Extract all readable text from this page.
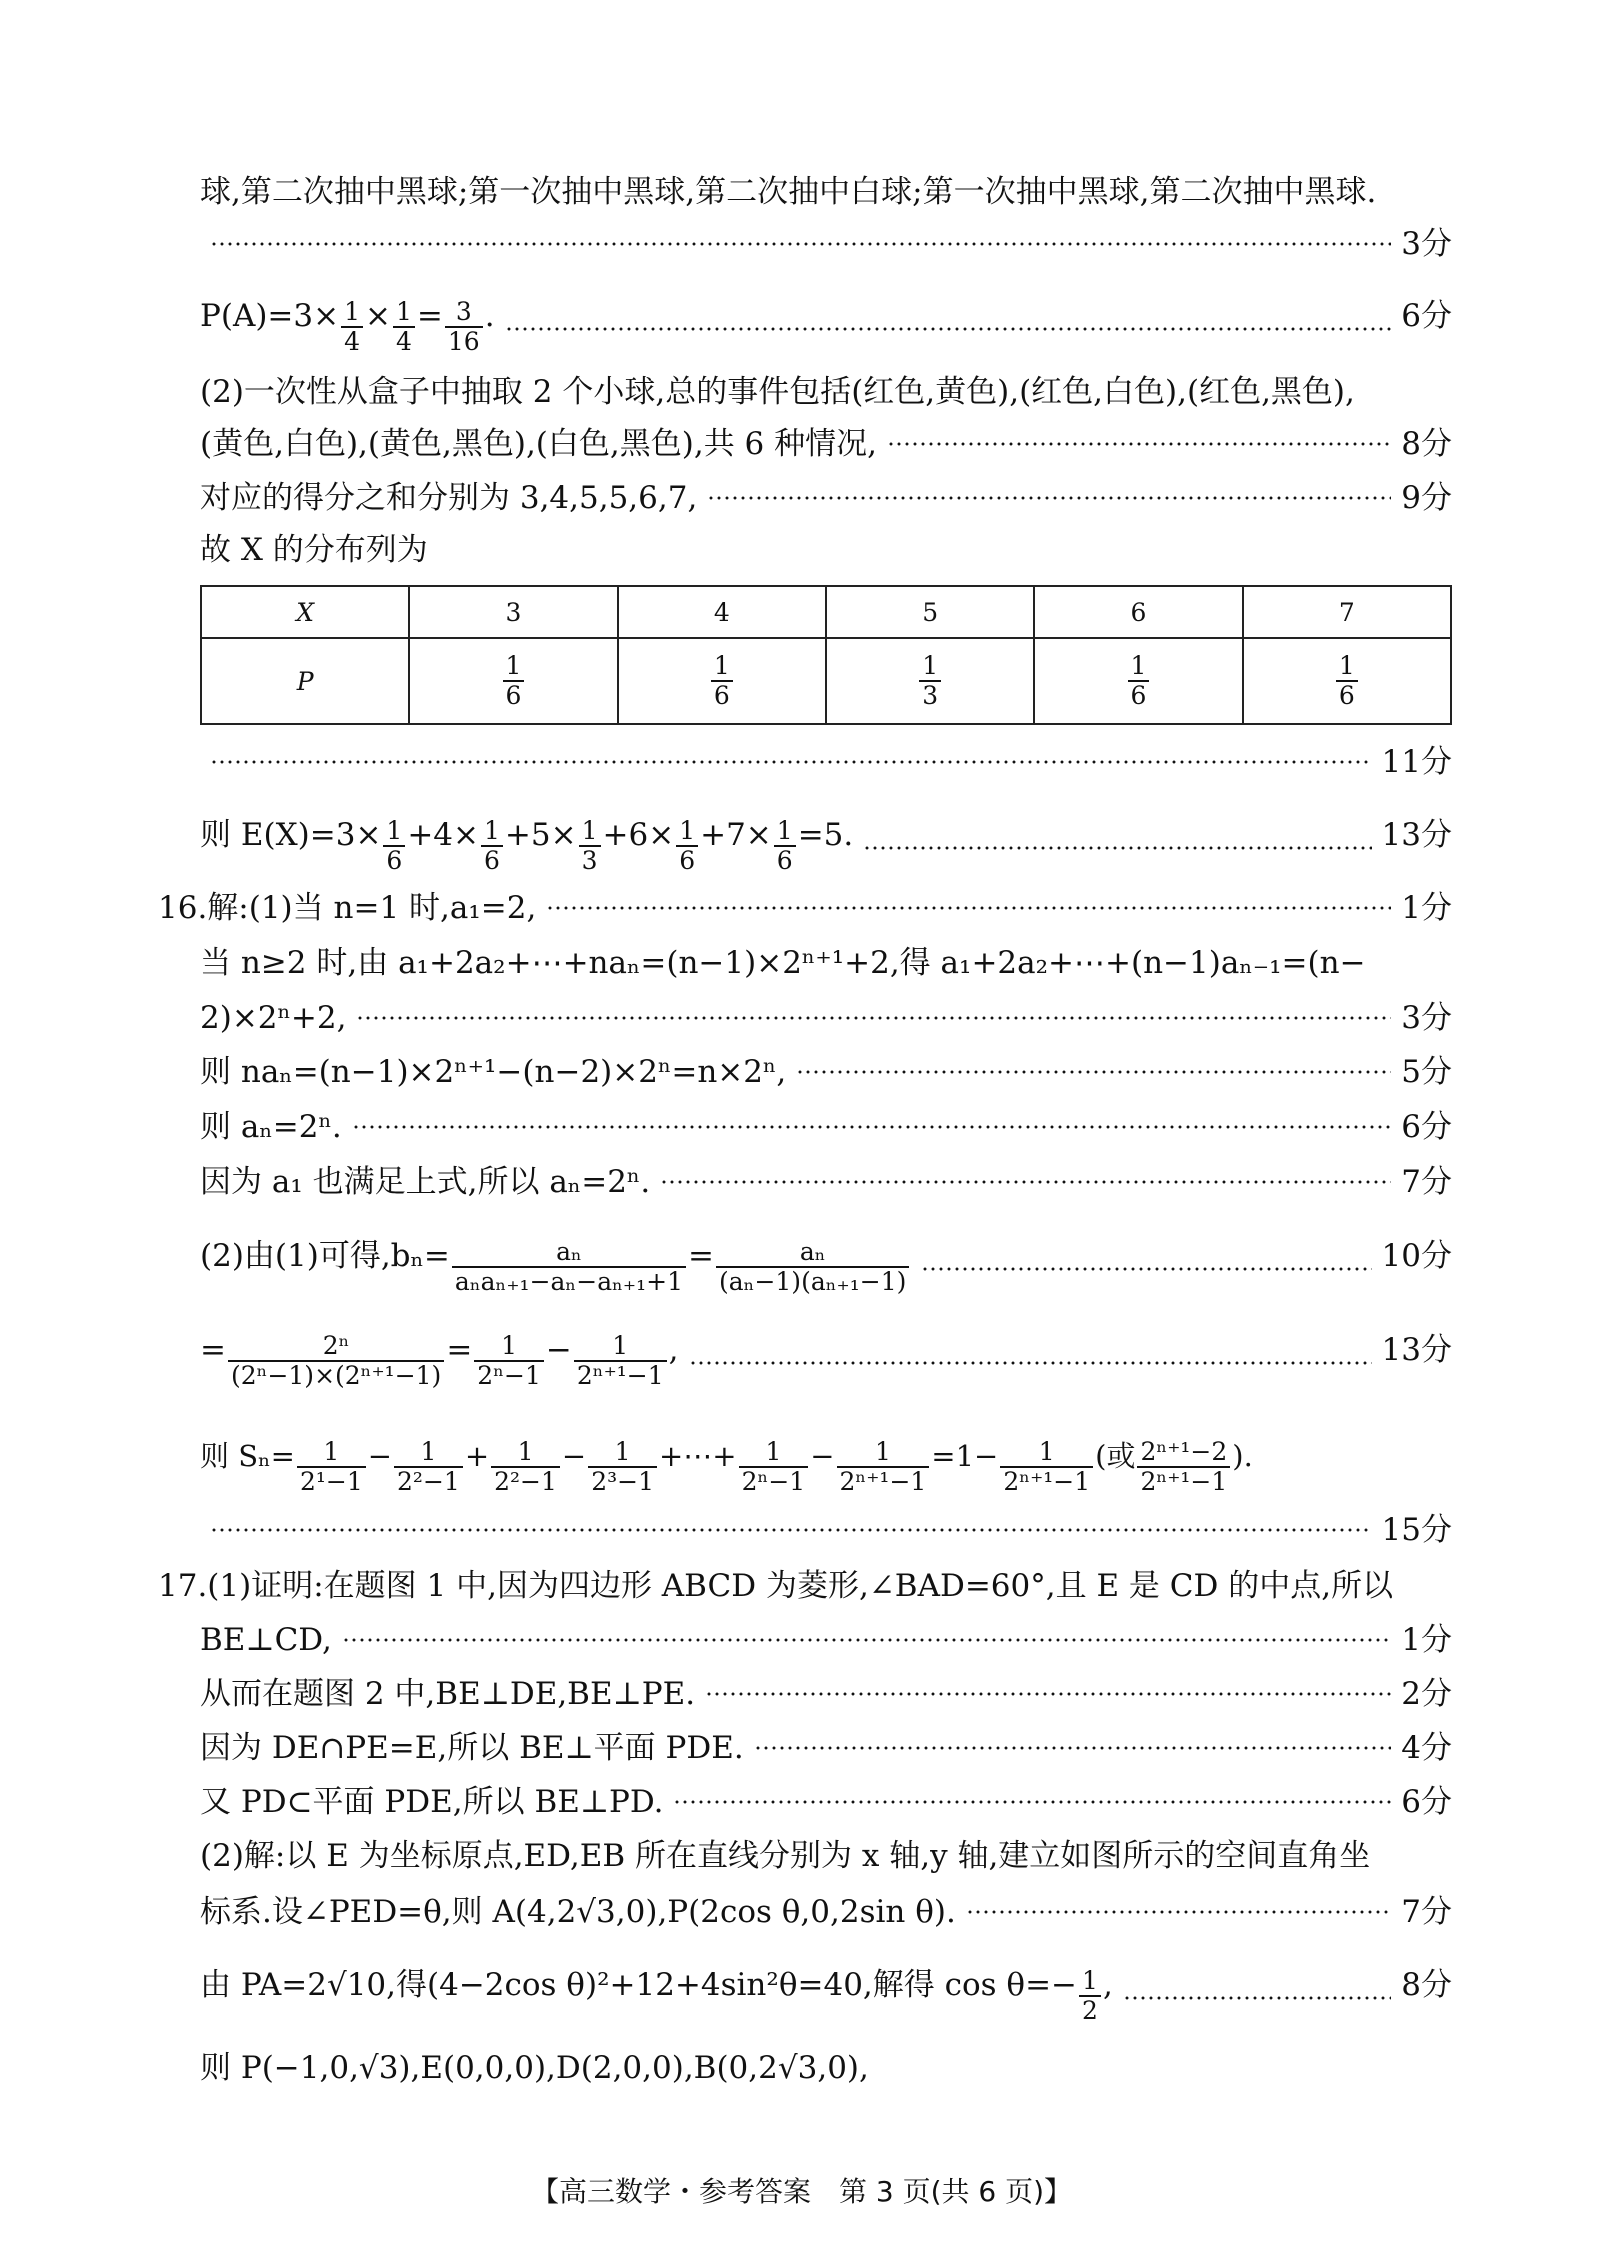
球,第二次抽中黑球;第一次抽中黑球,第二次抽中白球;第一次抽中黑球,第二次抽中黑球.
3分
$P(A)=3\times \frac{1}{4} \times \frac{1}{4} = \frac{3}{16}$ .	6分
(2)一次性从盒子中抽取 2 个小球,总的事件包括(红色,黄色),(红色,白色),(红色,黑色),
(黄色,白色),(黄色,黑色),(白色,黑色),共 6 种情况,	8分
对应的得分之和分别为 3,4,5,5,6,7,	9分
故 X 的分布列为
X	3	4	5	6	7
P	$\frac{1}{6}$	$\frac{1}{6}$	$\frac{1}{3}$	$\frac{1}{6}$	$\frac{1}{6}$
11分
则 $E(X)=3\times \frac{1}{6} +4\times \frac{1}{6} +5\times \frac{1}{3} +6\times \frac{1}{6} +7\times \frac{1}{6} =5$.	13分
16.解:(1)当 n=1 时,a₁=2,	1分
当 n≥2 时,由 a₁+2a₂+⋯+naₙ=(n−1)×2ⁿ⁺¹+2,得 a₁+2a₂+⋯+(n−1)aₙ₋₁=(n−
2)×2ⁿ+2,	3分
则 naₙ=(n−1)×2ⁿ⁺¹−(n−2)×2ⁿ=n×2ⁿ,	5分
则 aₙ=2ⁿ.	6分
因为 a₁ 也满足上式,所以 aₙ=2ⁿ.	7分
(2)由(1)可得$,b_n= \frac{\text{aₙ}}{\text{aₙaₙ₊₁−aₙ−aₙ₊₁+1}} = \frac{\text{aₙ}}{\text{(aₙ−1)(aₙ₊₁−1)}}$	10分
= $\frac{\text{2ⁿ}}{\text{(2ⁿ−1)×(2ⁿ⁺¹−1)}} = \frac{1}{\text{2ⁿ−1}} - \frac{1}{\text{2ⁿ⁺¹−1}}$ ,	13分
则 $S_n= \frac{1}{\text{2¹−1}} - \frac{1}{\text{2²−1}} + \frac{1}{\text{2²−1}} - \frac{1}{\text{2³−1}}$ +⋯+ $\frac{1}{\text{2ⁿ−1}} - \frac{1}{\text{2ⁿ⁺¹−1}} =1- \frac{1}{\text{2ⁿ⁺¹−1}}$ (或 $\frac{\text{2ⁿ⁺¹−2}}{\text{2ⁿ⁺¹−1}}$ ).
15分
17.(1)证明:在题图 1 中,因为四边形 ABCD 为菱形,∠BAD=60°,且 E 是 CD 的中点,所以
BE⊥CD,	1分
从而在题图 2 中,BE⊥DE,BE⊥PE.	2分
因为 DE∩PE=E,所以 BE⊥平面 PDE.	4分
又 PD⊂平面 PDE,所以 BE⊥PD.	6分
(2)解:以 E 为坐标原点,ED,EB 所在直线分别为 x 轴,y 轴,建立如图所示的空间直角坐
标系.设∠PED=θ,则 A(4,2√3,0),P(2cos θ,0,2sin θ).	7分
由 PA=2√10,得(4−2cos θ)²+12+4sin²θ=40,解得 $\cos \theta=- \frac{1}{2}$ ,	8分
则 P(−1,0,√3),E(0,0,0),D(2,0,0),B(0,2√3,0),
【高三数学・参考答案　第 3 页(共 6 页)】
